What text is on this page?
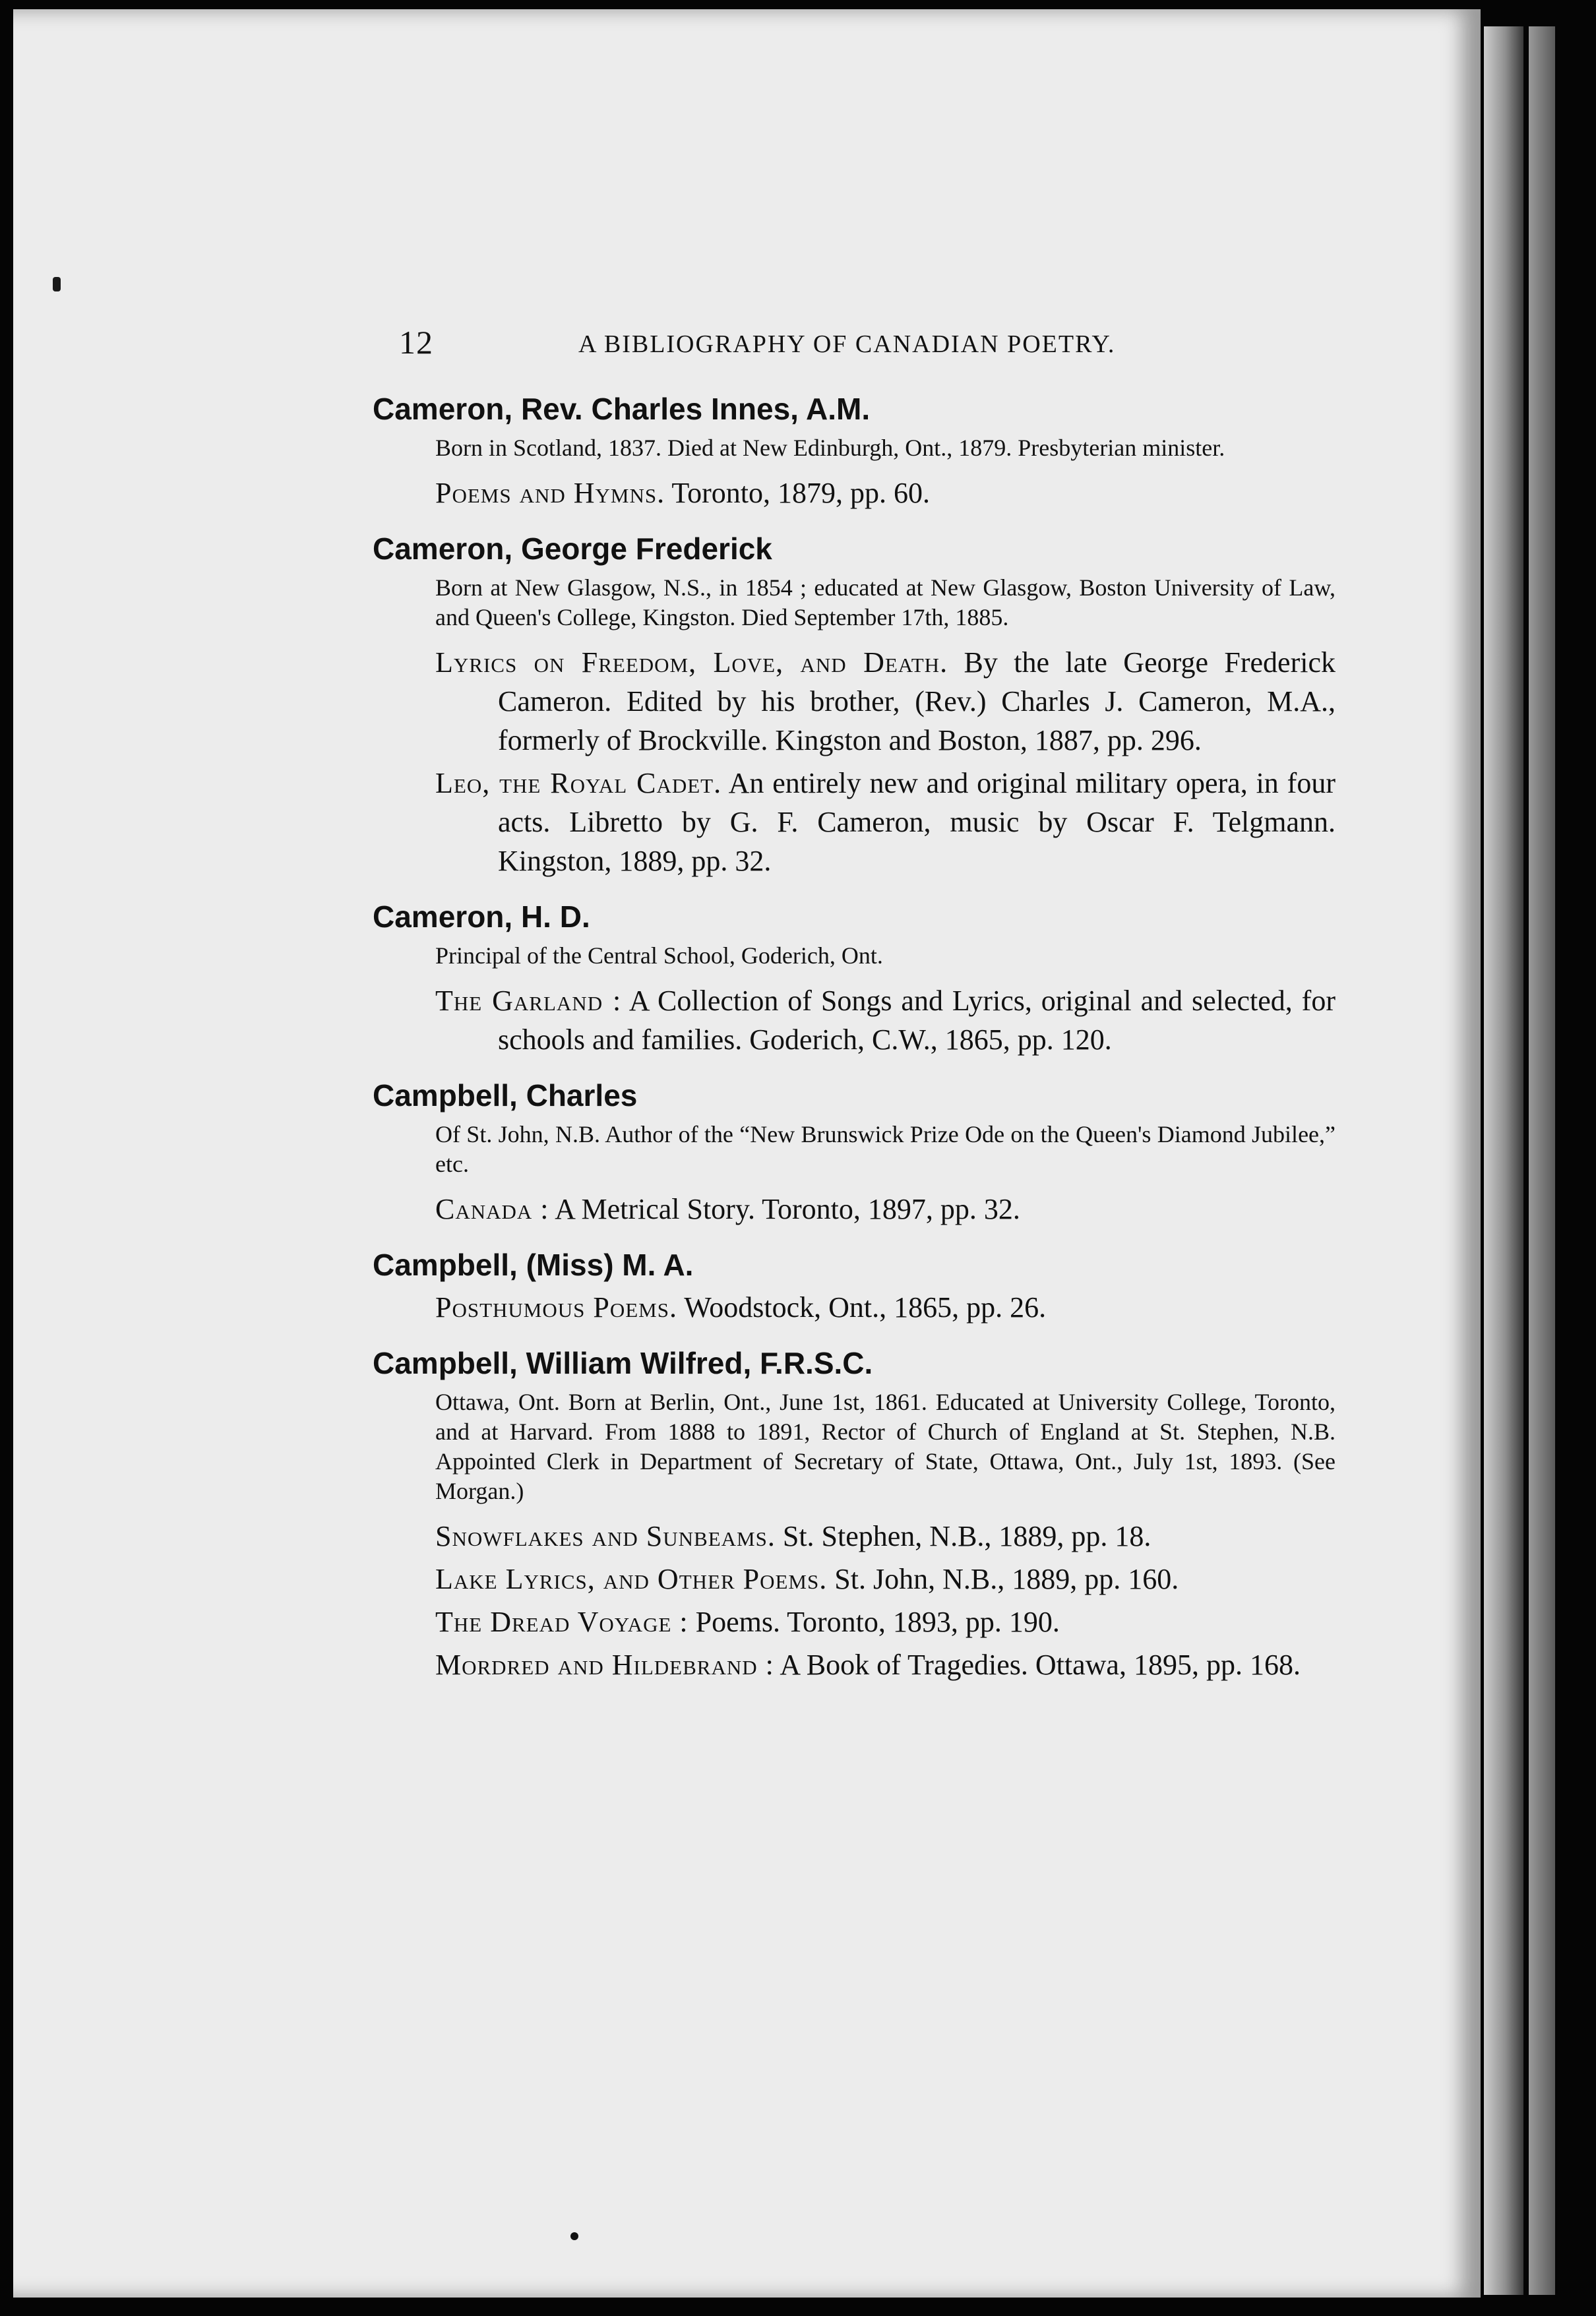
12	A BIBLIOGRAPHY OF CANADIAN POETRY.
Cameron, Rev. Charles Innes, A.M.
Born in Scotland, 1837. Died at New Edinburgh, Ont., 1879. Presbyterian minister.
Poems and Hymns. Toronto, 1879, pp. 60.
Cameron, George Frederick
Born at New Glasgow, N.S., in 1854 ; educated at New Glasgow, Boston University of Law, and Queen's College, Kingston. Died September 17th, 1885.
Lyrics on Freedom, Love, and Death. By the late George Frederick Cameron. Edited by his brother, (Rev.) Charles J. Cameron, M.A., formerly of Brockville. Kingston and Boston, 1887, pp. 296.
Leo, the Royal Cadet. An entirely new and original military opera, in four acts. Libretto by G. F. Cameron, music by Oscar F. Telgmann. Kingston, 1889, pp. 32.
Cameron, H. D.
Principal of the Central School, Goderich, Ont.
The Garland : A Collection of Songs and Lyrics, original and selected, for schools and families. Goderich, C.W., 1865, pp. 120.
Campbell, Charles
Of St. John, N.B. Author of the “New Brunswick Prize Ode on the Queen's Diamond Jubilee,” etc.
Canada : A Metrical Story. Toronto, 1897, pp. 32.
Campbell, (Miss) M. A.
Posthumous Poems. Woodstock, Ont., 1865, pp. 26.
Campbell, William Wilfred, F.R.S.C.
Ottawa, Ont. Born at Berlin, Ont., June 1st, 1861. Educated at University College, Toronto, and at Harvard. From 1888 to 1891, Rector of Church of England at St. Stephen, N.B. Appointed Clerk in Department of Secretary of State, Ottawa, Ont., July 1st, 1893. (See Morgan.)
Snowflakes and Sunbeams. St. Stephen, N.B., 1889, pp. 18.
Lake Lyrics, and Other Poems. St. John, N.B., 1889, pp. 160.
The Dread Voyage : Poems. Toronto, 1893, pp. 190.
Mordred and Hildebrand : A Book of Tragedies. Ottawa, 1895, pp. 168.
